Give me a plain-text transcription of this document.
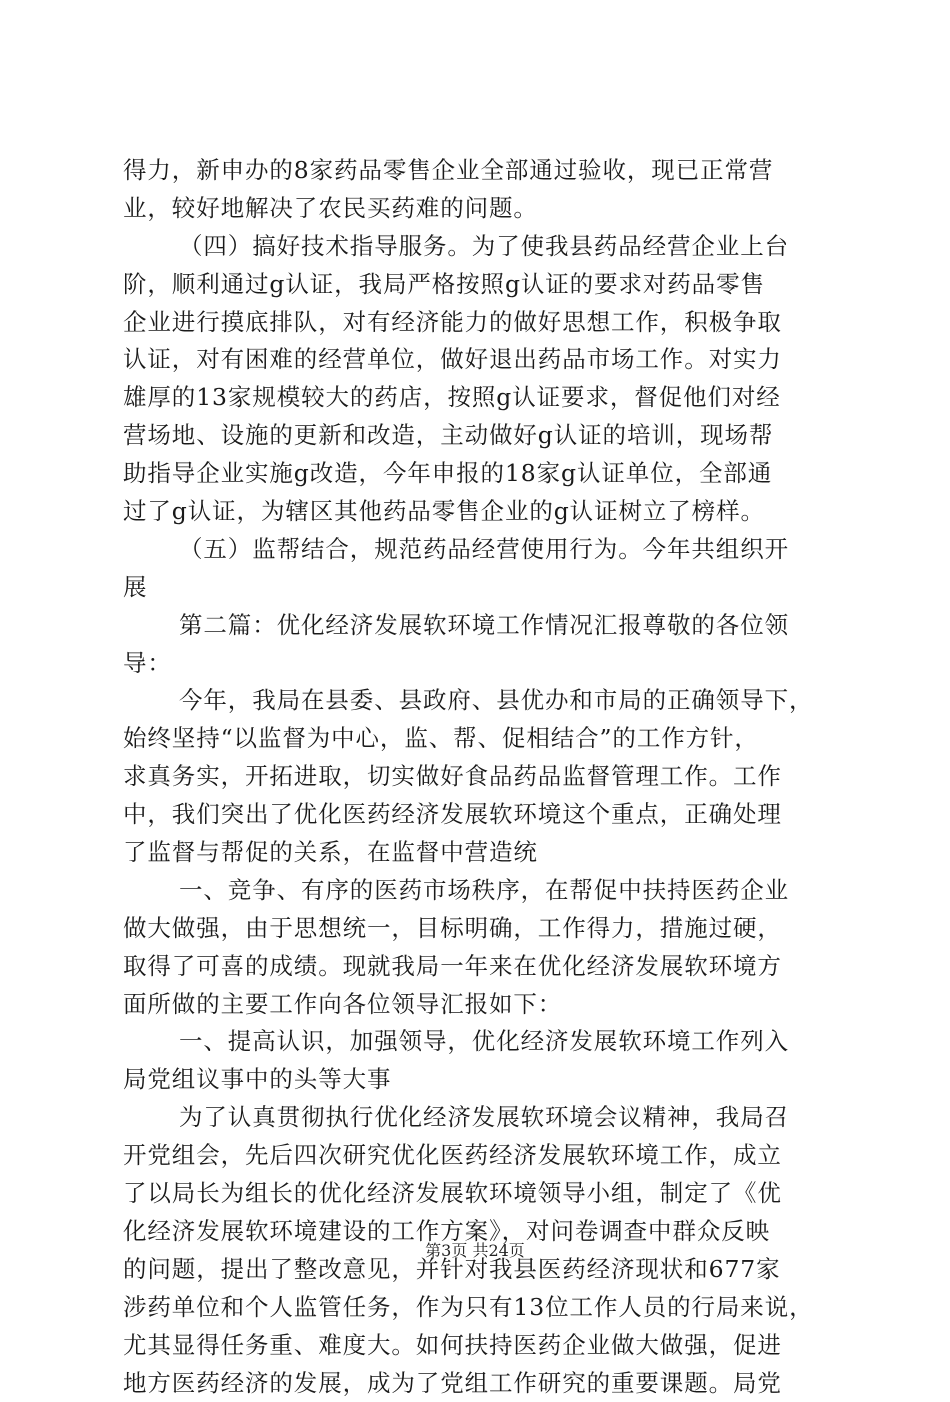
得力，新申办的8家药品零售企业全部通过验收，现已正常营
业，较好地解决了农民买药难的问题。
（四）搞好技术指导服务。为了使我县药品经营企业上台
阶，顺利通过g认证，我局严格按照g认证的要求对药品零售
企业进行摸底排队，对有经济能力的做好思想工作，积极争取
认证，对有困难的经营单位，做好退出药品市场工作。对实力
雄厚的13家规模较大的药店，按照g认证要求，督促他们对经
营场地、设施的更新和改造，主动做好g认证的培训，现场帮
助指导企业实施g改造，今年申报的18家g认证单位，全部通
过了g认证，为辖区其他药品零售企业的g认证树立了榜样。
（五）监帮结合，规范药品经营使用行为。今年共组织开
展
第二篇：优化经济发展软环境工作情况汇报尊敬的各位领
导：
今年，我局在县委、县政府、县优办和市局的正确领导下，
始终坚持“以监督为中心，监、帮、促相结合”的工作方针，
求真务实，开拓进取，切实做好食品药品监督管理工作。工作
中，我们突出了优化医药经济发展软环境这个重点，正确处理
了监督与帮促的关系，在监督中营造统
一、竞争、有序的医药市场秩序，在帮促中扶持医药企业
做大做强，由于思想统一，目标明确，工作得力，措施过硬，
取得了可喜的成绩。现就我局一年来在优化经济发展软环境方
面所做的主要工作向各位领导汇报如下：
一、提高认识，加强领导，优化经济发展软环境工作列入
局党组议事中的头等大事
为了认真贯彻执行优化经济发展软环境会议精神，我局召
开党组会，先后四次研究优化医药经济发展软环境工作，成立
了以局长为组长的优化经济发展软环境领导小组，制定了《优
化经济发展软环境建设的工作方案》，对问卷调查中群众反映
的问题，提出了整改意见，并针对我县医药经济现状和677家
涉药单位和个人监管任务，作为只有13位工作人员的行局来说，
尤其显得任务重、难度大。如何扶持医药企业做大做强，促进
地方医药经济的发展，成为了党组工作研究的重要课题。局党
第3页 共24页
